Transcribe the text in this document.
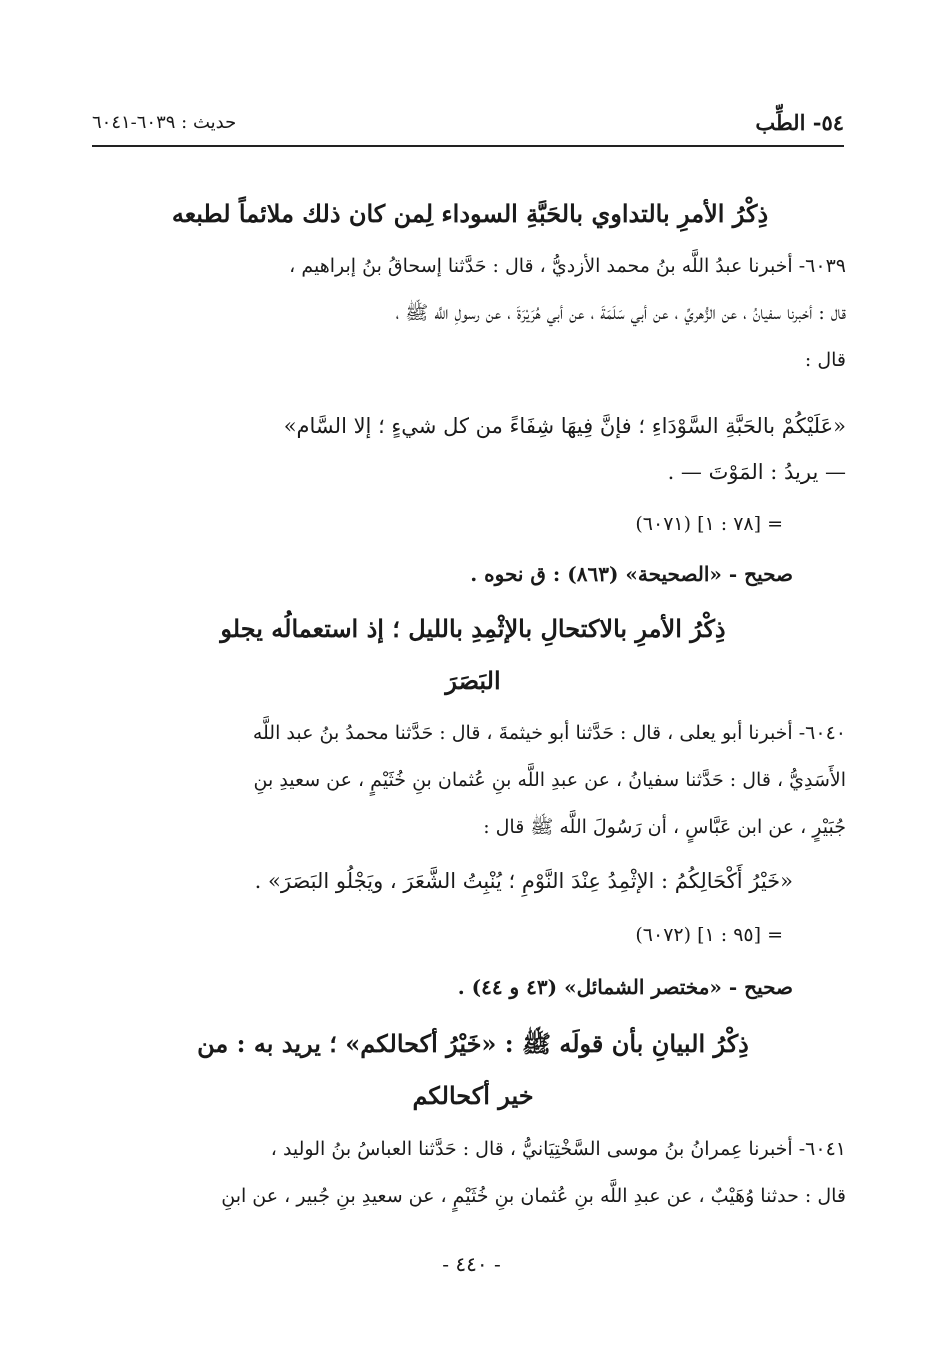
٥٤- الطِّب
حديث : ٦٠٣٩-٦٠٤١
ذِكْرُ الأمرِ بالتداوي بالحَبَّةِ السوداء لِمن كان ذلك ملائماً لطبعه
٦٠٣٩- أخبرنا عبدُ اللَّه بنُ محمد الأزديُّ ، قال : حَدَّثنا إسحاقُ بنُ إبراهيم ،
قال : أخبرنا سفيانُ ، عن الزُّهريِّ ، عن أبي سَلَمَةَ ، عن أبي هُرَيْرَةَ ، عن رسولِ اللَّه ﷺ ،
قال :
«عَلَيْكُمْ بالحَبَّةِ السَّوْدَاءِ ؛ فإنَّ فِيهَا شِفَاءً من كل شيءٍ ؛ إلا السَّام»
— يريدُ : المَوْتَ — .
= [٧٨ : ١] (٦٠٧١)
صحيح - «الصحيحة» (٨٦٣) : ق نحوه .
ذِكْرُ الأمرِ بالاكتحالِ بالإثْمِدِ بالليل ؛ إذ استعمالُه يجلو البَصَرَ
٦٠٤٠- أخبرنا أبو يعلى ، قال : حَدَّثنا أبو خيثمةَ ، قال : حَدَّثنا محمدُ بنُ عبد اللَّه
الأَسَدِيُّ ، قال : حَدَّثنا سفيانُ ، عن عبدِ اللَّه بنِ عُثمان بنِ خُثَيْمٍ ، عن سعيدِ بنِ
جُبَيْرٍ ، عن ابن عَبَّاسٍ ، أن رَسُولَ اللَّه ﷺ قال :
«خَيْرُ أَكْحَالِكُمُ : الإثْمِدُ عِنْدَ النَّوْمِ ؛ يُنْبِتُ الشَّعَرَ ، ويَجْلُو البَصَرَ» .
= [٩٥ : ١] (٦٠٧٢)
صحيح - «مختصر الشمائل» (٤٣ و ٤٤) .
ذِكْرُ البيانِ بأن قولَه ﷺ : «خَيْرُ أكحالكم» ؛ يريد به : من خير أكحالكم
٦٠٤١- أخبرنا عِمرانُ بنُ موسى السَّخْتِيَانيُّ ، قال : حَدَّثنا العباسُ بنُ الوليد ،
قال : حدثنا وُهَيْبٌ ، عن عبدِ اللَّه بنِ عُثمان بنِ خُثَيْمٍ ، عن سعيدِ بنِ جُبير ، عن ابنِ
- ٤٤٠ -
